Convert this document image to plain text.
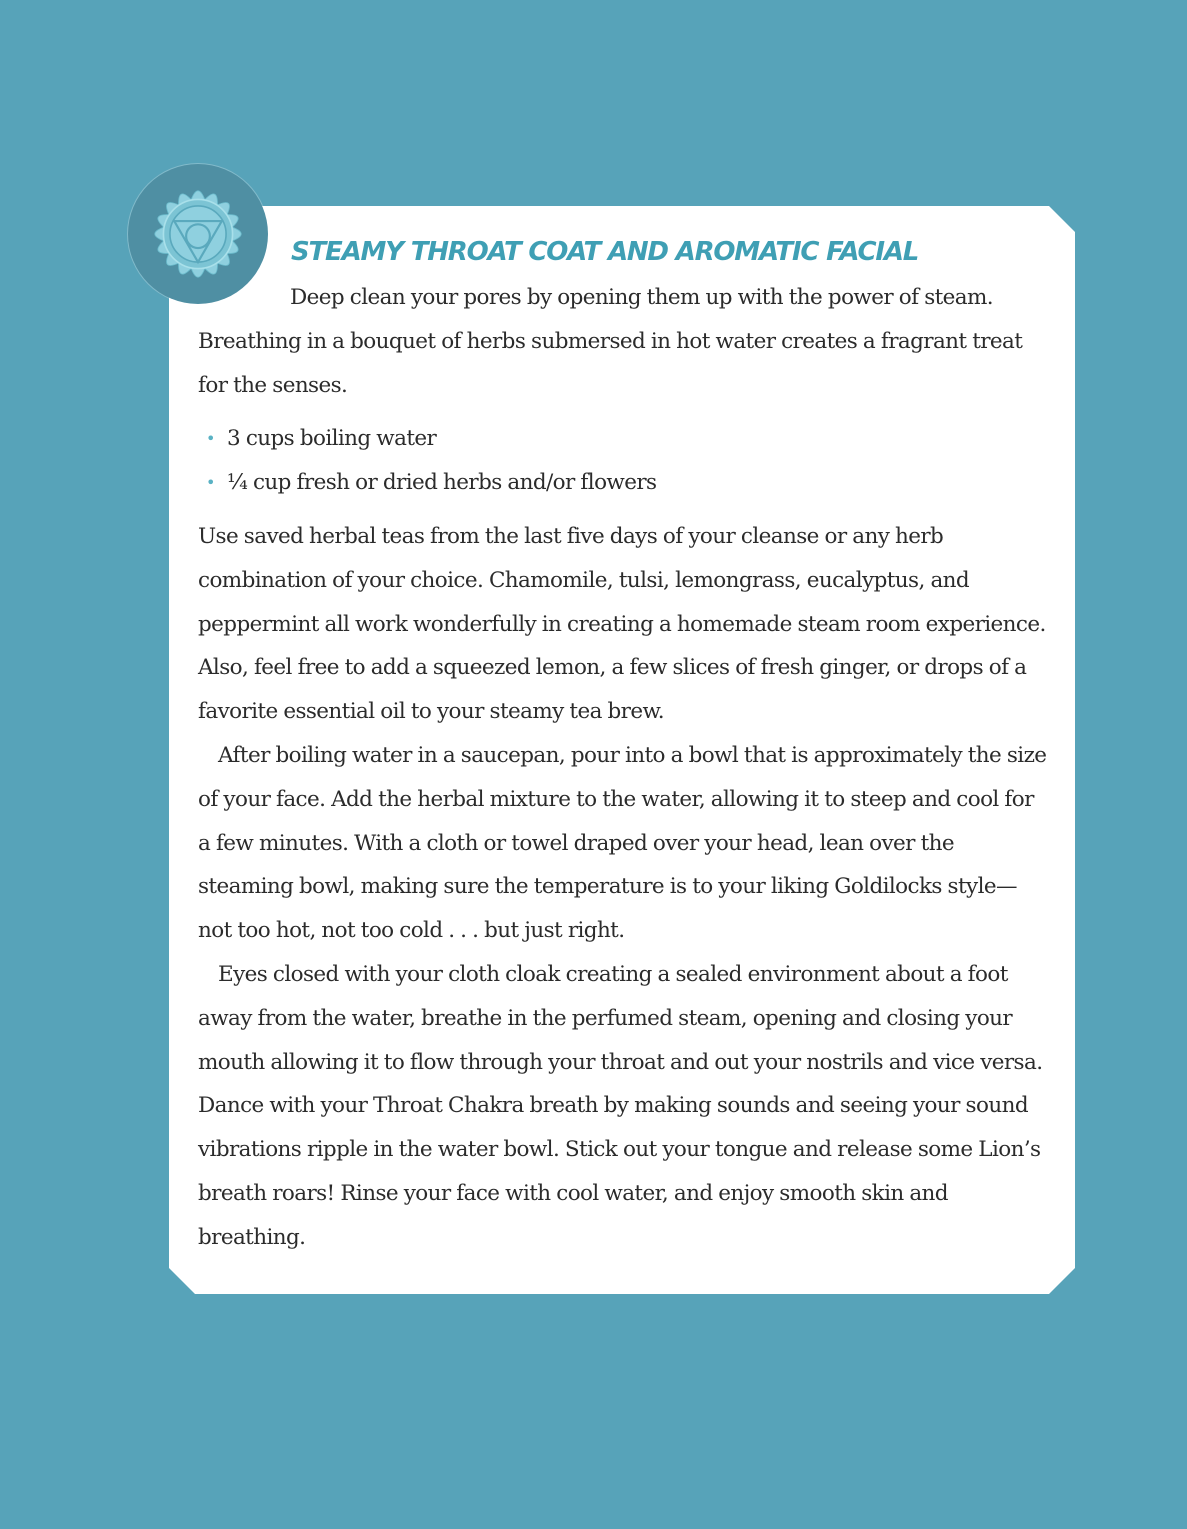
STEAMY THROAT COAT AND AROMATIC FACIAL

Deep clean your pores by opening them up with the power of steam. Breathing in a bouquet of herbs submersed in hot water creates a fragrant treat for the senses.

• 3 cups boiling water
• ¼ cup fresh or dried herbs and/or flowers

Use saved herbal teas from the last five days of your cleanse or any herb combination of your choice. Chamomile, tulsi, lemongrass, eucalyptus, and peppermint all work wonderfully in creating a homemade steam room experience. Also, feel free to add a squeezed lemon, a few slices of fresh ginger, or drops of a favorite essential oil to your steamy tea brew.

After boiling water in a saucepan, pour into a bowl that is approximately the size of your face. Add the herbal mixture to the water, allowing it to steep and cool for a few minutes. With a cloth or towel draped over your head, lean over the steaming bowl, making sure the temperature is to your liking Goldilocks style—not too hot, not too cold . . . but just right.

Eyes closed with your cloth cloak creating a sealed environment about a foot away from the water, breathe in the perfumed steam, opening and closing your mouth allowing it to flow through your throat and out your nostrils and vice versa. Dance with your Throat Chakra breath by making sounds and seeing your sound vibrations ripple in the water bowl. Stick out your tongue and release some Lion’s breath roars! Rinse your face with cool water, and enjoy smooth skin and breathing.
